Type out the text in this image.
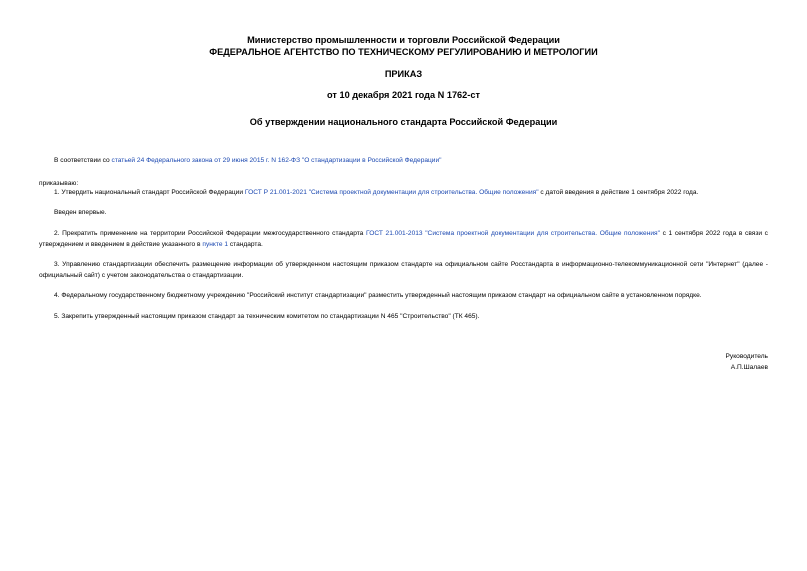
Министерство промышленности и торговли Российской Федерации
ФЕДЕРАЛЬНОЕ АГЕНТСТВО ПО ТЕХНИЧЕСКОМУ РЕГУЛИРОВАНИЮ И МЕТРОЛОГИИ
ПРИКАЗ
от 10 декабря 2021 года N 1762-ст
Об утверждении национального стандарта Российской Федерации
В соответствии со статьей 24 Федерального закона от 29 июня 2015 г. N 162-ФЗ "О стандартизации в Российской Федерации"
приказываю:
1. Утвердить национальный стандарт Российской Федерации ГОСТ Р 21.001-2021 "Система проектной документации для строительства. Общие положения" с датой введения в действие 1 сентября 2022 года.
Введен впервые.
2. Прекратить применение на территории Российской Федерации межгосударственного стандарта ГОСТ 21.001-2013 "Система проектной документации для строительства. Общие положения" с 1 сентября 2022 года в связи с утверждением и введением в действие указанного в пункте 1 стандарта.
3. Управлению стандартизации обеспечить размещение информации об утвержденном настоящим приказом стандарте на официальном сайте Росстандарта в информационно-телекоммуникационной сети "Интернет" (далее - официальный сайт) с учетом законодательства о стандартизации.
4. Федеральному государственному бюджетному учреждению "Российский институт стандартизации" разместить утвержденный настоящим приказом стандарт на официальном сайте в установленном порядке.
5. Закрепить утвержденный настоящим приказом стандарт за техническим комитетом по стандартизации N 465 "Строительство" (ТК 465).
Руководитель
А.П.Шалаев
